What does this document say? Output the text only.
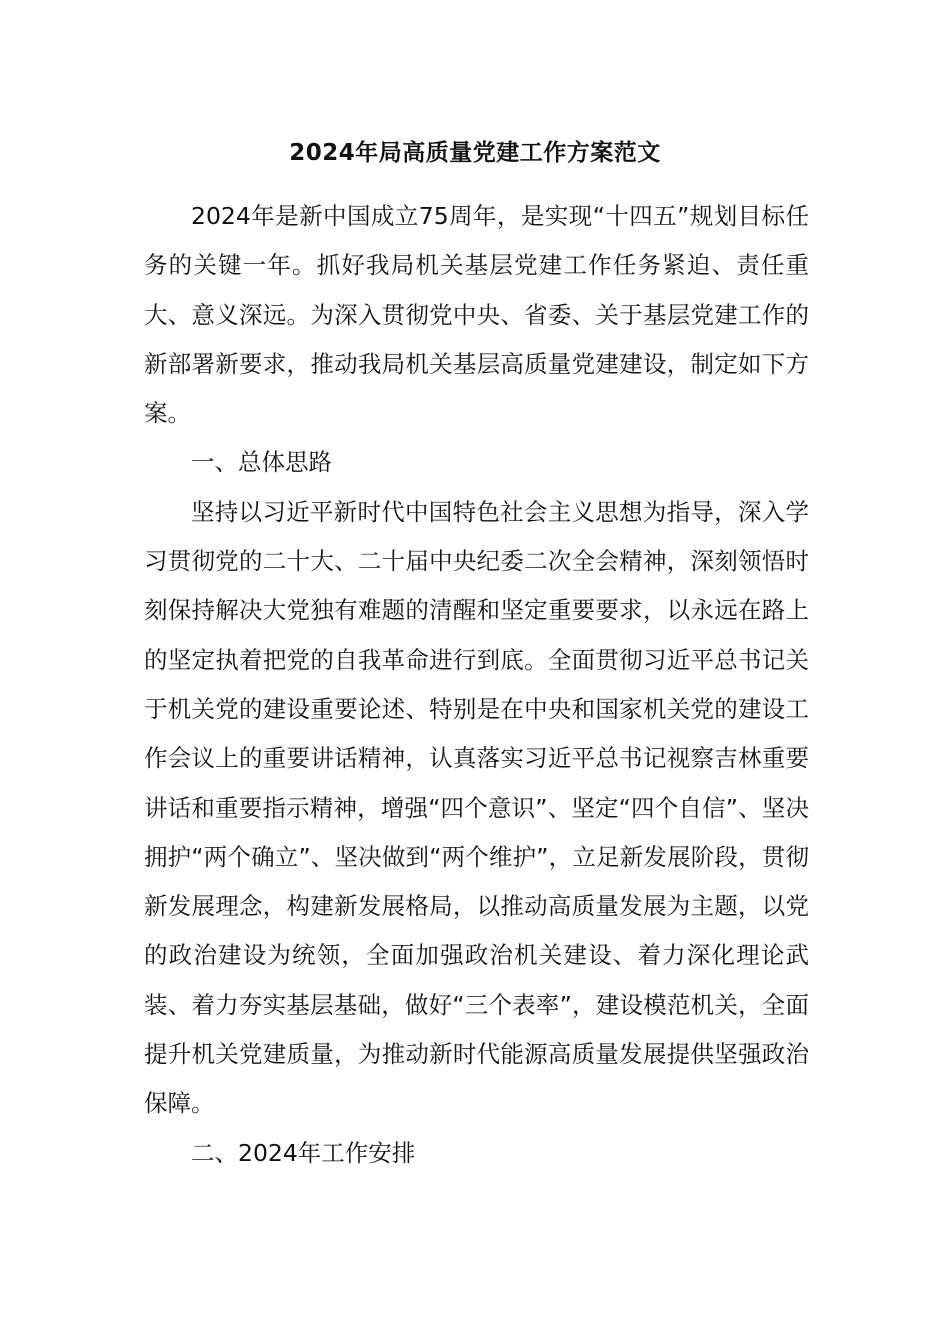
2024年局高质量党建工作方案范文

2024年是新中国成立75周年，是实现“十四五”规划目标任务的关键一年。抓好我局机关基层党建工作任务紧迫、责任重大、意义深远。为深入贯彻党中央、省委、关于基层党建工作的新部署新要求，推动我局机关基层高质量党建建设，制定如下方案。

一、总体思路

坚持以习近平新时代中国特色社会主义思想为指导，深入学习贯彻党的二十大、二十届中央纪委二次全会精神，深刻领悟时刻保持解决大党独有难题的清醒和坚定重要要求，以永远在路上的坚定执着把党的自我革命进行到底。全面贯彻习近平总书记关于机关党的建设重要论述、特别是在中央和国家机关党的建设工作会议上的重要讲话精神，认真落实习近平总书记视察吉林重要讲话和重要指示精神，增强“四个意识”、坚定“四个自信”、坚决拥护“两个确立”、坚决做到“两个维护”，立足新发展阶段，贯彻新发展理念，构建新发展格局，以推动高质量发展为主题，以党的政治建设为统领，全面加强政治机关建设、着力深化理论武装、着力夯实基层基础，做好“三个表率”，建设模范机关，全面提升机关党建质量，为推动新时代能源高质量发展提供坚强政治保障。

二、2024年工作安排
